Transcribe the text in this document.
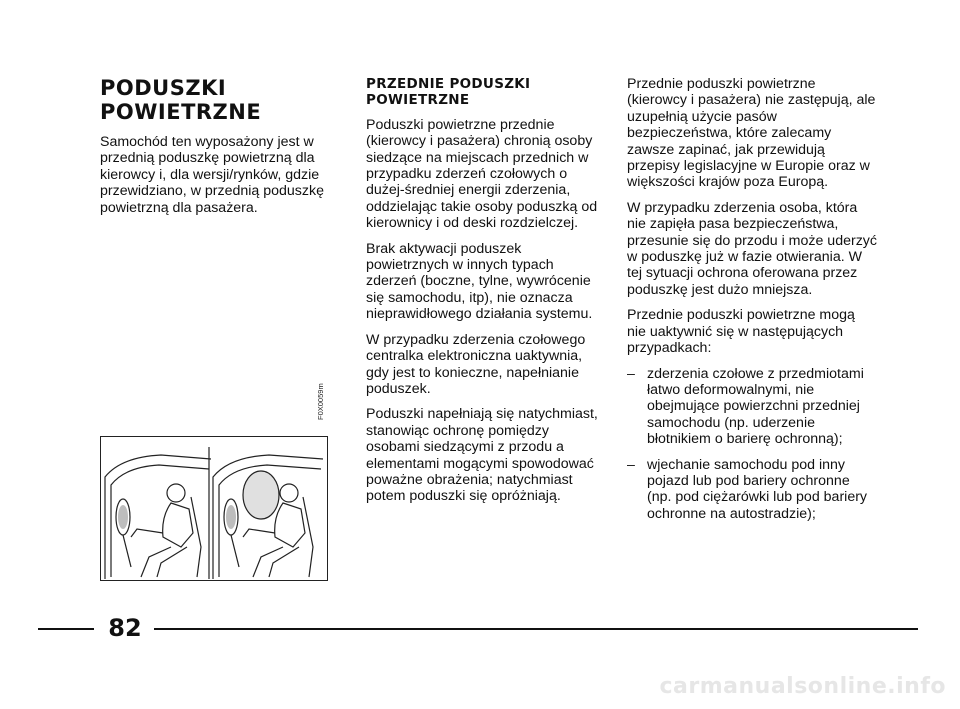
PODUSZKI
POWIETRZNE

Samochód ten wyposażony jest w przednią poduszkę powietrzną dla kierowcy i, dla wersji/rynków, gdzie przewidziano, w przednią poduszkę powietrzną dla pasażera.

F0X0059m
PRZEDNIE PODUSZKI
POWIETRZNE

Poduszki powietrzne przednie (kierowcy i pasażera) chronią osoby siedzące na miejscach przednich w przypadku zderzeń czołowych o dużej-średniej energii zderzenia, oddzielając takie osoby poduszką od kierownicy i od deski rozdzielczej.

Brak aktywacji poduszek powietrznych w innych typach zderzeń (boczne, tylne, wywrócenie się samochodu, itp), nie oznacza nieprawidłowego działania systemu.

W przypadku zderzenia czołowego centralka elektroniczna uaktywnia, gdy jest to konieczne, napełnianie poduszek.

Poduszki napełniają się natychmiast, stanowiąc ochronę pomiędzy osobami siedzącymi z przodu a elementami mogącymi spowodować poważne obrażenia; natychmiast potem poduszki się opróżniają.

Przednie poduszki powietrzne (kierowcy i pasażera) nie zastępują, ale uzupełnią użycie pasów bezpieczeństwa, które zalecamy zawsze zapinać, jak przewidują przepisy legislacyjne w Europie oraz w większości krajów poza Europą.

W przypadku zderzenia osoba, która nie zapięła pasa bezpieczeństwa, przesunie się do przodu i może uderzyć w poduszkę już w fazie otwierania. W tej sytuacji ochrona oferowana przez poduszkę jest dużo mniejsza.

Przednie poduszki powietrzne mogą nie uaktywnić się w następujących przypadkach:

– zderzenia czołowe z przedmiotami łatwo deformowalnymi, nie obejmujące powierzchni przedniej samochodu (np. uderzenie błotnikiem o barierę ochronną);
– wjechanie samochodu pod inny pojazd lub pod bariery ochronne (np. pod ciężarówki lub pod bariery ochronne na autostradzie);
82
carmanualsonline.info
